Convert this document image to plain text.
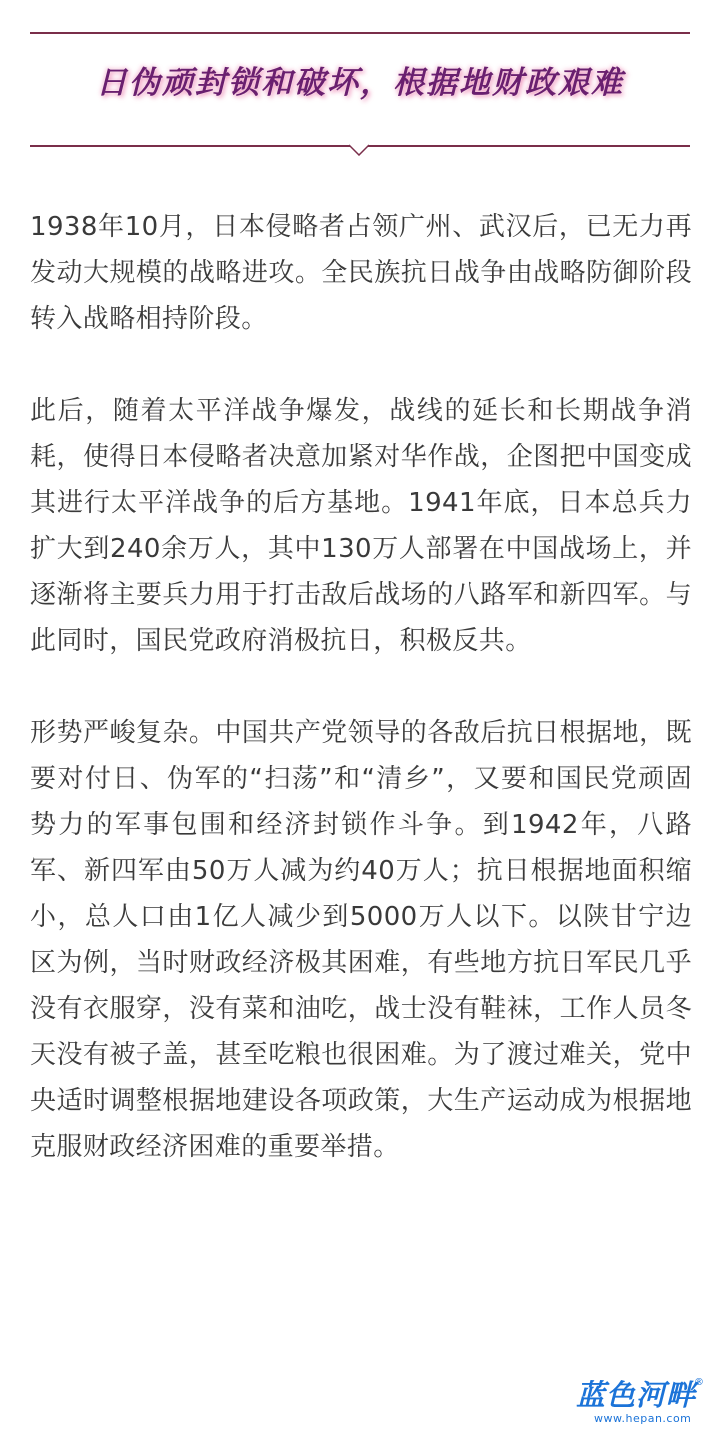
日伪顽封锁和破坏，根据地财政艰难

1938年10月，日本侵略者占领广州、武汉后，已无力再发动大规模的战略进攻。全民族抗日战争由战略防御阶段转入战略相持阶段。

此后，随着太平洋战争爆发，战线的延长和长期战争消耗，使得日本侵略者决意加紧对华作战，企图把中国变成其进行太平洋战争的后方基地。1941年底，日本总兵力扩大到240余万人，其中130万人部署在中国战场上，并逐渐将主要兵力用于打击敌后战场的八路军和新四军。与此同时，国民党政府消极抗日，积极反共。

形势严峻复杂。中国共产党领导的各敌后抗日根据地，既要对付日、伪军的“扫荡”和“清乡”，又要和国民党顽固势力的军事包围和经济封锁作斗争。到1942年，八路军、新四军由50万人减为约40万人；抗日根据地面积缩小，总人口由1亿人减少到5000万人以下。以陕甘宁边区为例，当时财政经济极其困难，有些地方抗日军民几乎没有衣服穿，没有菜和油吃，战士没有鞋袜，工作人员冬天没有被子盖，甚至吃粮也很困难。为了渡过难关，党中央适时调整根据地建设各项政策，大生产运动成为根据地克服财政经济困难的重要举措。

蓝色河畔
®
www.hepan.com
